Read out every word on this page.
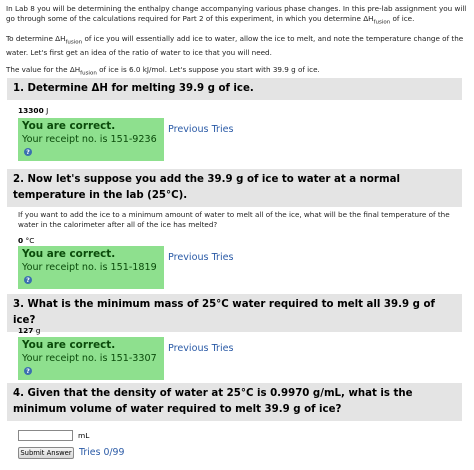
In Lab 8 you will be determining the enthalpy change accompanying various phase changes. In this pre-lab assignment you will go through some of the calculations required for Part 2 of this experiment, in which you determine $\Delta H_{fusion}$ of ice.

To determine $\Delta H_{fusion}$ of ice you will essentially add ice to water, allow the ice to melt, and note the temperature change of the water. Let's first get an idea of the ratio of water to ice that you will need.

The value for the $\Delta H_{fusion}$ of ice is 6.0 kJ/mol. Let's suppose you start with 39.9 g of ice.

1. Determine ΔH for melting 39.9 g of ice.
13300 J
You are correct.
Your receipt no. is 151-9236?
Previous Tries
2. Now let's suppose you add the 39.9 g of ice to water at a normal temperature in the lab (25°C).
If you want to add the ice to a minimum amount of water to melt all of the ice, what will be the final temperature of the water in the calorimeter after all of the ice has melted?
0 °C
You are correct.
Your receipt no. is 151-1819?
Previous Tries
3. What is the minimum mass of 25°C water required to melt all 39.9 g of ice?
127 g
You are correct.
Your receipt no. is 151-3307?
Previous Tries
4. Given that the density of water at 25°C is 0.9970 g/mL, what is the minimum volume of water required to melt 39.9 g of ice?
mL
Submit Answer Tries 0/99
